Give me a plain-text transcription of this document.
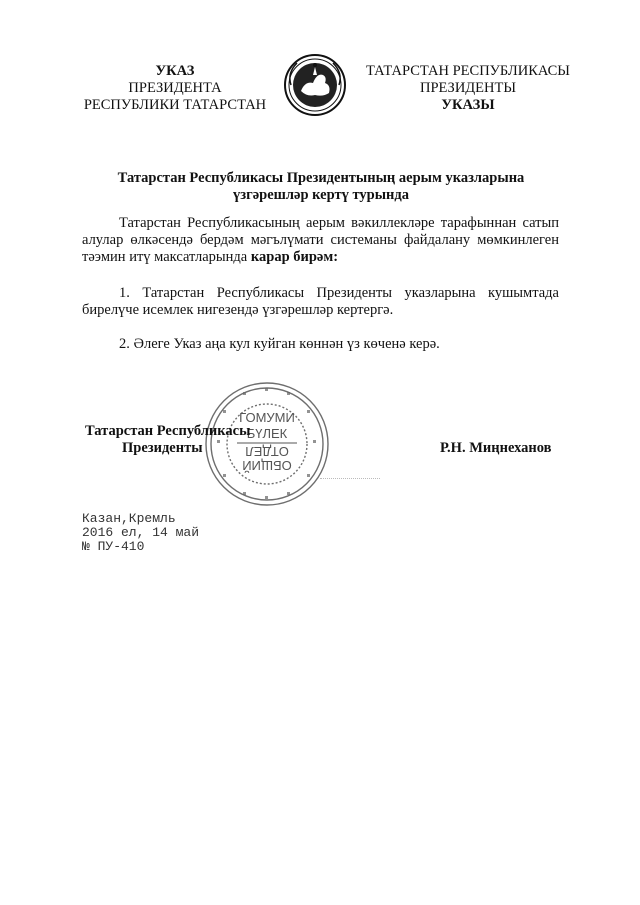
УКАЗ
ПРЕЗИДЕНТА
РЕСПУБЛИКИ ТАТАРСТАН
ТАТАРСТАН РЕСПУБЛИКАСЫ
ПРЕЗИДЕНТЫ
УКАЗЫ
Татарстан Республикасы Президентының аерым указларына
үзгәрешләр кертү турында
Татарстан Республикасының аерым вәкиллекләре тарафыннан сатып алулар өлкәсендә бердәм мәгълүмати системаны файдалану мөмкинлеген тәэмин итү максатларында карар бирәм:
1. Татарстан Республикасы Президенты указларына кушымтада бирелүче исемлек нигезендә үзгәрешләр кертергә.
2. Әлеге Указ аңа кул куйган көннән үз көченә керә.
ГОМУМИ
БҮЛЕК
ОТДЕЛ
ОБЩИЙ
Татарстан Республикасы
Президенты	Р.Н. Миңнеханов
Казан,Кремль
2016 ел, 14 май
№ ПУ-410
